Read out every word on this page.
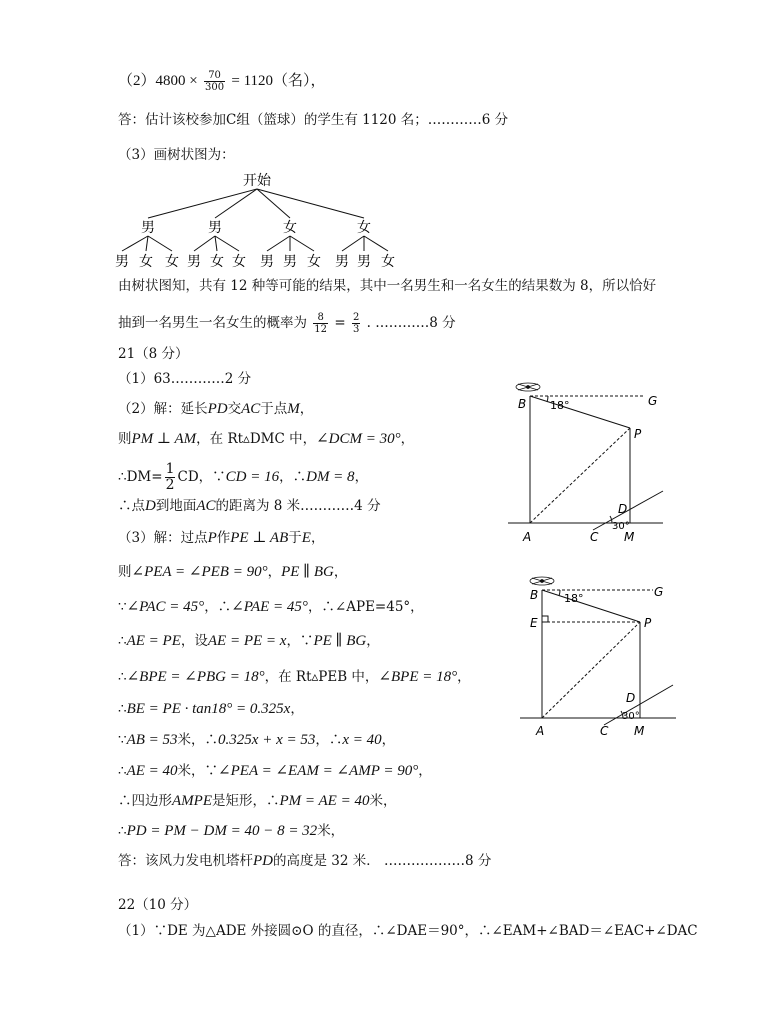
$(2)4800 \times \frac{70}{300} = 1120$（名），
答：估计该校参加C组（篮球）的学生有 1120 名；…………6 分
（3）画树状图为：
开始
男	男	女	女
男 女 女 男 女 女 男 男 女 男 男 女
由树状图知，共有 12 种等可能的结果，其中一名男生和一名女生的结果数为 8，所以恰好
抽到一名男生一名女生的概率为 $\frac{8}{12} = \frac{2}{3}$ . …………8 分
21（8 分）
（1）63…………2 分
（2）解：延长PD交AC于点M，
则PM ⊥ AM，在 Rt▵DMC 中，∠DCM = 30°，
∴DM= $\frac{1}{2}$ CD，∵CD = 16，∴DM = 8，
∴点D到地面AC的距离为 8 米…………4 分
（3）解：过点P作PE ⊥ AB于E，
则∠PEA = ∠PEB = 90°，PE ∥ BG，
∵∠PAC = 45°，∴∠PAE = 45°，∴∠APE=45°，
∴AE = PE，设AE = PE = x，∵PE ∥ BG，
∴∠BPE = ∠PBG = 18°，在 Rt▵PEB 中，∠BPE = 18°，
∴BE = PE · tan18° = 0.325x，
∵AB = 53米，∴0.325x + x = 53，∴x = 40，
∴AE = 40米，∵∠PEA = ∠EAM = ∠AMP = 90°，
∴四边形AMPE是矩形，∴PM = AE = 40米，
∴PD = PM − DM = 40 − 8 = 32米，
答：该风力发电机塔杆PD的高度是 32 米． ………………8 分
22（10 分）
（1）∵DE 为△ADE 外接圆⊙O 的直径，∴∠DAE＝90°，∴∠EAM+∠BAD＝∠EAC+∠DAC
B	G
P
D
A	C M
18°
30°
B	G
E	P
D
A	C M
18°
30°
